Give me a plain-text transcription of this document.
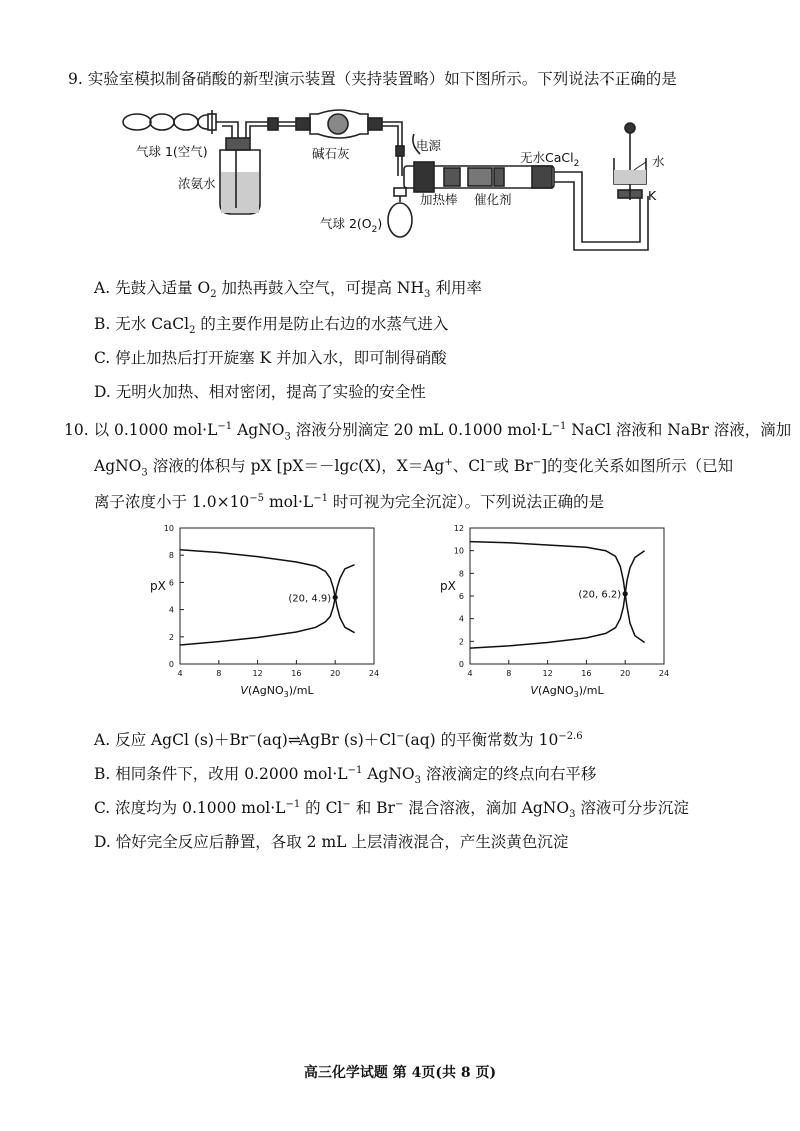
9. 实验室模拟制备硝酸的新型演示装置（夹持装置略）如下图所示。下列说法不 •正 •确 •的是
气球 1(空气)
浓氨水
碱石灰
电源
无水CaCl$_2$
加热棒 催化剂
气球 $2(O_2)$
水
K
A. 先鼓入适量 $O_2$ 加热再鼓入空气，可提高 $NH_3$ 利用率
B. 无水 CaCl$_2$ 的主要作用是防止右边的水蒸气进入
C. 停止加热后打开旋塞 K 并加入水，即可制得硝酸
D. 无明火加热、相对密闭，提高了实验的安全性
10. 以 0.1000 $mol\cdot L^{-1}$ AgNO$_3$ 溶液分别滴定 20 mL 0.1000 $mol\cdot L^{-1}$ NaCl 溶液和 NaBr 溶液，滴加
AgNO$_3$ 溶液的体积与 pX [pX＝－lgc(X)，X＝Ag+、Cl−或 Br−]的变化关系如图所示（已知
离子浓度小于 $1.0\times 10^{-5}$ $mol\cdot L^{-1}$ 时可视为完全沉淀）。下列说法正确的是
0
2
4
6
8
10
4	8	12	16	20	24
pX
V(AgNO$_3$)/mL
(20, 4.9)
0
2
4
6
8
10
12
4	8	12	16	20	24
pX
V(AgNO$_3$)/mL
(20, 6.2)
A. 反应 AgCl (s)＋Br−(aq)⇌AgBr (s)＋Cl−(aq) 的平衡常数为 $10^{-2.6}$
B. 相同条件下，改用 0.2000 $mol\cdot L^{-1}$ AgNO$_3$ 溶液滴定的终点向右平移
C. 浓度均为 0.1000 $mol\cdot L^{-1}$ 的 Cl− 和 Br− 混合溶液，滴加 AgNO$_3$ 溶液可分步沉淀
D. 恰好完全反应后静置，各取 2 mL 上层清液混合，产生淡黄色沉淀
高三化学试题 第 4页(共 8 页)
